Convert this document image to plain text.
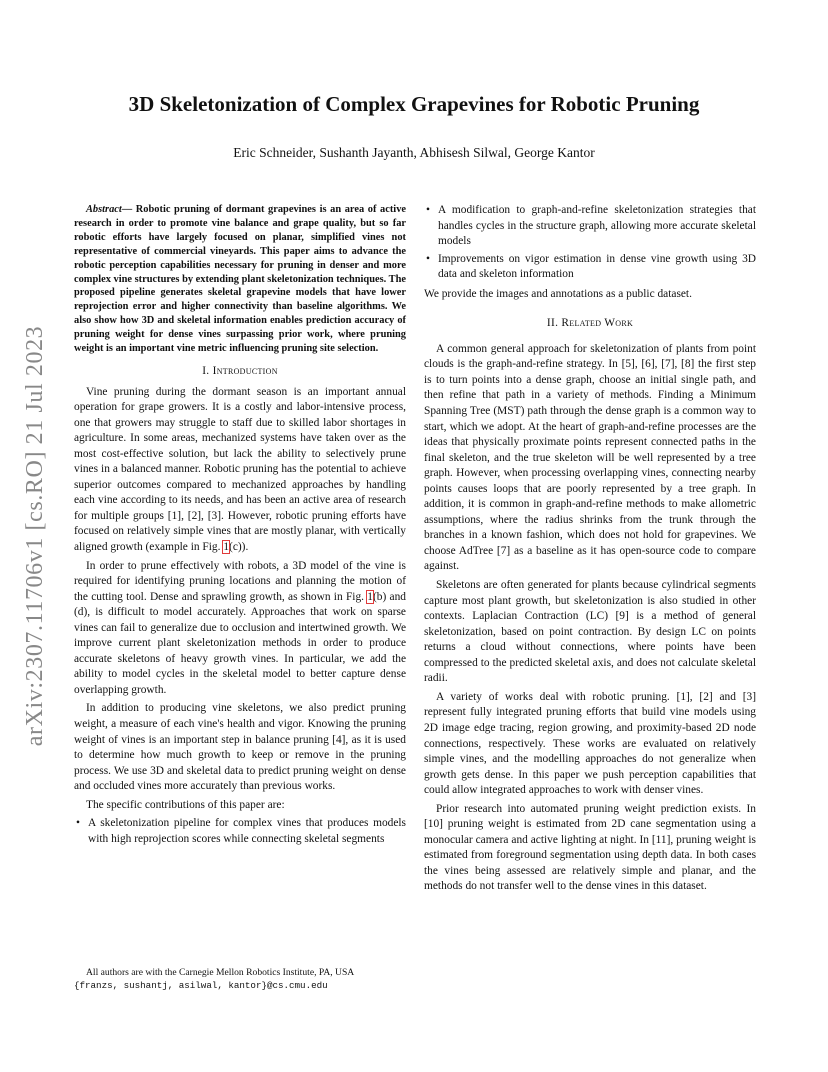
arXiv:2307.11706v1 [cs.RO] 21 Jul 2023
3D Skeletonization of Complex Grapevines for Robotic Pruning
Eric Schneider, Sushanth Jayanth, Abhisesh Silwal, George Kantor

Abstract— Robotic pruning of dormant grapevines is an area of active research in order to promote vine balance and grape quality, but so far robotic efforts have largely focused on planar, simplified vines not representative of commercial vineyards. This paper aims to advance the robotic perception capabilities necessary for pruning in denser and more complex vine structures by extending plant skeletonization techniques. The proposed pipeline generates skeletal grapevine models that have lower reprojection error and higher connectivity than baseline algorithms. We also show how 3D and skeletal information enables prediction accuracy of pruning weight for dense vines surpassing prior work, where pruning weight is an important vine metric influencing pruning site selection.

I. Introduction

Vine pruning during the dormant season is an important annual operation for grape growers. It is a costly and labor-intensive process, one that growers may struggle to staff due to skilled labor shortages in agriculture. In some areas, mechanized systems have taken over as the most cost-effective solution, but lack the ability to selectively prune vines in a balanced manner. Robotic pruning has the potential to achieve superior outcomes compared to mechanized approaches by handling each vine according to its needs, and has been an active area of research for multiple groups [1], [2], [3]. However, robotic pruning efforts have focused on relatively simple vines that are mostly planar, with vertically aligned growth (example in Fig. 1(c)).

In order to prune effectively with robots, a 3D model of the vine is required for identifying pruning locations and planning the motion of the cutting tool. Dense and sprawling growth, as shown in Fig. 1(b) and (d), is difficult to model accurately. Approaches that work on sparse vines can fail to generalize due to occlusion and intertwined growth. We improve current plant skeletonization methods in order to produce accurate skeletons of heavy growth vines. In particular, we add the ability to model cycles in the skeletal model to better capture dense overlapping growth.

In addition to producing vine skeletons, we also predict pruning weight, a measure of each vine's health and vigor. Knowing the pruning weight of vines is an important step in balance pruning [4], as it is used to determine how much growth to keep or remove in the pruning process. We use 3D and skeletal data to predict pruning weight on dense and occluded vines more accurately than previous works.

The specific contributions of this paper are:

• A skeletonization pipeline for complex vines that produces models with high reprojection scores while connecting skeletal segments
All authors are with the Carnegie Mellon Robotics Institute, PA, USA
{franzs, sushantj, asilwal, kantor}@cs.cmu.edu
• A modification to graph-and-refine skeletonization strategies that handles cycles in the structure graph, allowing more accurate skeletal models
• Improvements on vigor estimation in dense vine growth using 3D data and skeleton information

We provide the images and annotations as a public dataset.

II. Related Work

A common general approach for skeletonization of plants from point clouds is the graph-and-refine strategy. In [5], [6], [7], [8] the first step is to turn points into a dense graph, choose an initial single path, and then refine that path in a variety of methods. Finding a Minimum Spanning Tree (MST) path through the dense graph is a common way to start, which we adopt. At the heart of graph-and-refine processes are the ideas that physically proximate points represent connected paths in the final skeleton, and the true skeleton will be well represented by a tree graph. However, when processing overlapping vines, connecting nearby points causes loops that are poorly represented by a tree graph. In addition, it is common in graph-and-refine methods to make allometric assumptions, where the radius shrinks from the trunk through the branches in a known fashion, which does not hold for grapevines. We choose AdTree [7] as a baseline as it has open-source code to compare against.

Skeletons are often generated for plants because cylindrical segments capture most plant growth, but skeletonization is also studied in other contexts. Laplacian Contraction (LC) [9] is a method of general skeletonization, based on point contraction. By design LC on points returns a cloud without connections, where points have been compressed to the predicted skeletal axis, and does not calculate skeletal radii.

A variety of works deal with robotic pruning. [1], [2] and [3] represent fully integrated pruning efforts that build vine models using 2D image edge tracing, region growing, and proximity-based 2D node connections, respectively. These works are evaluated on relatively simple vines, and the modelling approaches do not generalize when growth gets dense. In this paper we push perception capabilities that could allow integrated approaches to work with denser vines.

Prior research into automated pruning weight prediction exists. In [10] pruning weight is estimated from 2D cane segmentation using a monocular camera and active lighting at night. In [11], pruning weight is estimated from foreground segmentation using depth data. In both cases the vines being assessed are relatively simple and planar, and the methods do not transfer well to the dense vines in this dataset.
